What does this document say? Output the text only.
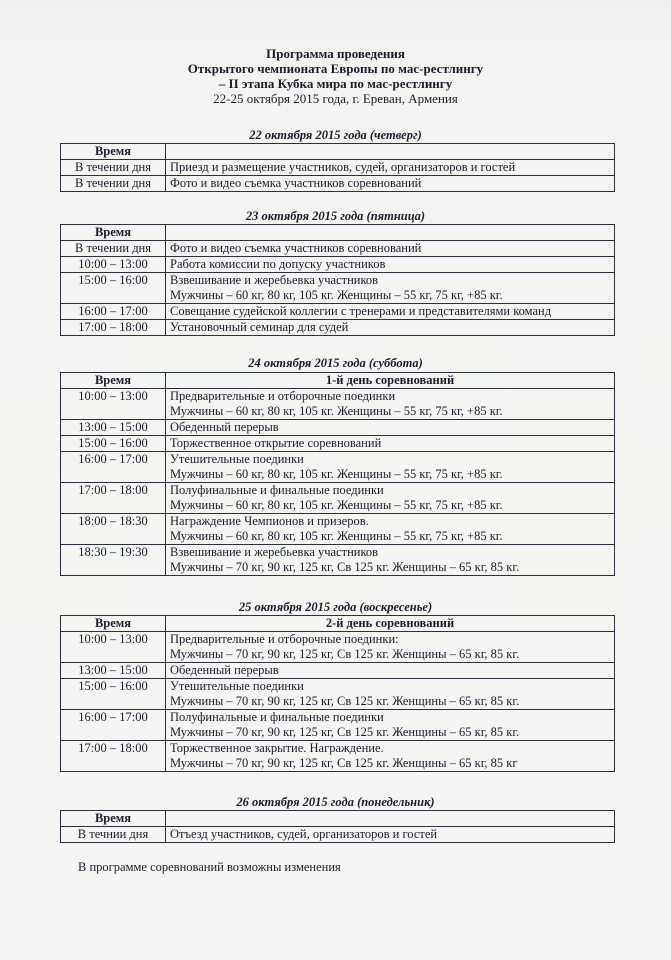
Программа проведения
Открытого чемпионата Европы по мас-рестлингу
– II этапа Кубка мира по мас-рестлингу
22-25 октября 2015 года, г. Ереван, Армения
22 октября 2015 года (четверг)
Время	
В течении дня	Приезд и размещение участников, судей, организаторов и гостей

В течении дня	Фото и видео съемка участников соревнований
23 октября 2015 года (пятница)
Время	
В течении дня	Фото и видео съемка участников соревнований

10:00 – 13:00	Работа комиссии по допуску участников

15:00 – 16:00	Взвешивание и жеребьевка участников
Мужчины – 60 кг, 80 кг, 105 кг. Женщины – 55 кг, 75 кг, +85 кг.

16:00 – 17:00	Совещание судейской коллегии с тренерами и представителями команд

17:00 – 18:00	Установочный семинар для судей
24 октября 2015 года (суббота)
Время	1-й день соревнований
10:00 – 13:00	Предварительные и отборочные поединки
Мужчины – 60 кг, 80 кг, 105 кг. Женщины – 55 кг, 75 кг, +85 кг.

13:00 – 15:00	Обеденный перерыв

15:00 – 16:00	Торжественное открытие соревнований

16:00 – 17:00	Утешительные поединки
Мужчины – 60 кг, 80 кг, 105 кг. Женщины – 55 кг, 75 кг, +85 кг.

17:00 – 18:00	Полуфинальные и финальные поединки
Мужчины – 60 кг, 80 кг, 105 кг. Женщины – 55 кг, 75 кг, +85 кг.

18:00 – 18:30	Награждение Чемпионов и призеров.
Мужчины – 60 кг, 80 кг, 105 кг. Женщины – 55 кг, 75 кг, +85 кг.

18:30 – 19:30	Взвешивание и жеребьевка участников
Мужчины – 70 кг, 90 кг, 125 кг, Св 125 кг. Женщины – 65 кг, 85 кг.
25 октября 2015 года (воскресенье)
Время	2-й день соревнований
10:00 – 13:00	Предварительные и отборочные поединки:
Мужчины – 70 кг, 90 кг, 125 кг, Св 125 кг. Женщины – 65 кг, 85 кг.

13:00 – 15:00	Обеденный перерыв

15:00 – 16:00	Утешительные поединки
Мужчины – 70 кг, 90 кг, 125 кг, Св 125 кг. Женщины – 65 кг, 85 кг.

16:00 – 17:00	Полуфинальные и финальные поединки
Мужчины – 70 кг, 90 кг, 125 кг, Св 125 кг. Женщины – 65 кг, 85 кг.

17:00 – 18:00	Торжественное закрытие. Награждение.
Мужчины – 70 кг, 90 кг, 125 кг, Св 125 кг. Женщины – 65 кг, 85 кг
26 октября 2015 года (понедельник)
Время	
В течнии дня	Отъезд участников, судей, организаторов и гостей
В программе соревнований возможны изменения
